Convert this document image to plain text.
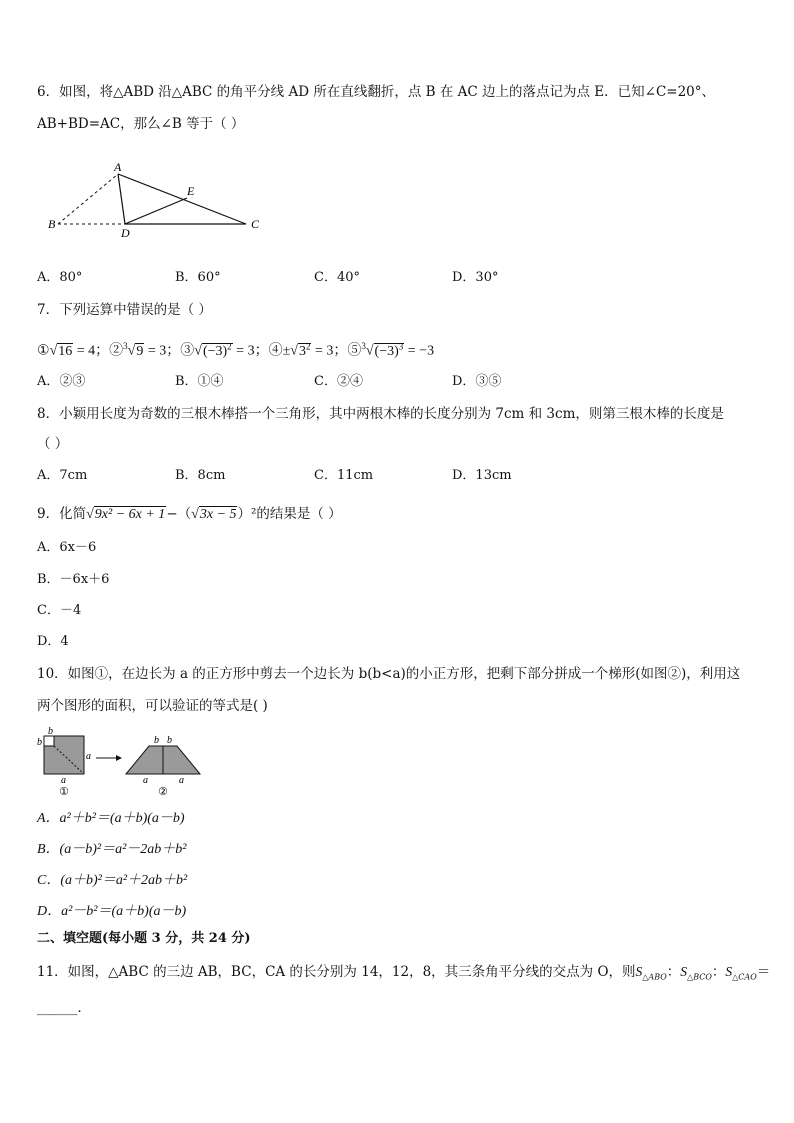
6．如图，将△ABD 沿△ABC 的角平分线 AD 所在直线翻折，点 B 在 AC 边上的落点记为点 E．已知∠C=20°、
AB+BD=AC，那么∠B 等于（ ）
A
B
D
E
C
A．80°	B．60°	C．40°	D．30°
7．下列运算中错误的是（ ）
①√16 = 4；②$^3$√9 = 3；$③√(-3)^2 = 3$；$④\pm√3^2 = 3$；$⑤^3√(-3)^3 = -3$
A．②③	B．①④	C．②④	D．③⑤
8．小颖用长度为奇数的三根木棒搭一个三角形，其中两根木棒的长度分别为 7cm 和 3cm，则第三根木棒的长度是
（ ）
A．7cm	B．8cm	C．11cm	D．13cm
9．化简√9x² − 6x + 1−（√3x − 5）²的结果是（ ）
A．6x－6
B．－6x＋6
C．－4
D．4
10．如图①，在边长为 a 的正方形中剪去一个边长为 b(b<a)的小正方形，把剩下部分拼成一个梯形(如图②)，利用这
两个图形的面积，可以验证的等式是( )
b
b
a
a
①
b b
a	a
②
A．a²＋b²＝(a＋b)(a－b)
B．(a－b)²＝a²－2ab＋b²
C．(a＋b)²＝a²＋2ab＋b²
D．a²－b²＝(a＋b)(a－b)
二、填空题(每小题 3 分，共 24 分)
11．如图，△ABC 的三边 AB，BC，CA 的长分别为 14，12，8，其三条角平分线的交点为 O，则$S_{\triangle ABO}$：$S_{\triangle BCO}$：$S_{\triangle CAO}=$
______．
